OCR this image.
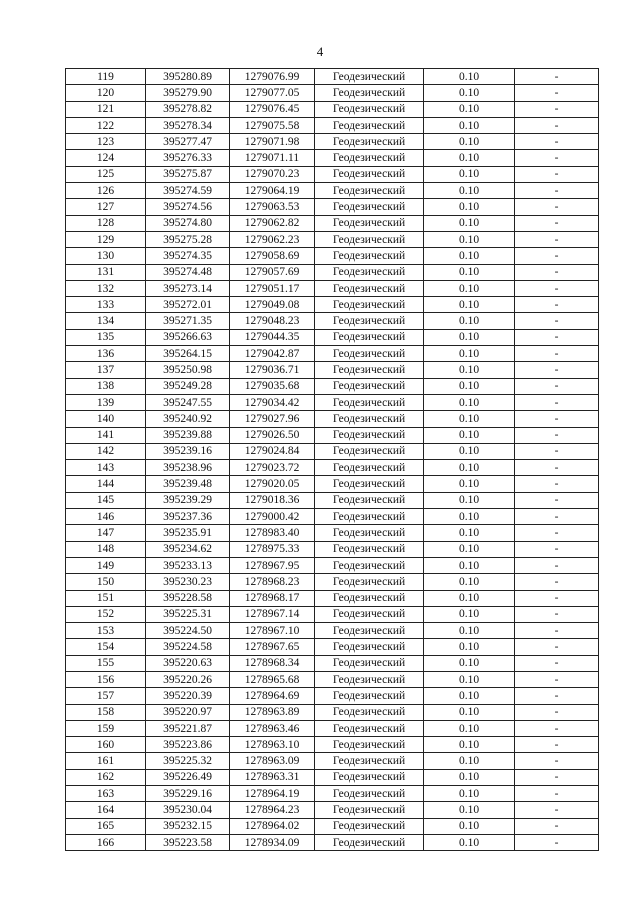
4
119	395280.89	1279076.99	Геодезический	0.10	-
120	395279.90	1279077.05	Геодезический	0.10	-
121	395278.82	1279076.45	Геодезический	0.10	-
122	395278.34	1279075.58	Геодезический	0.10	-
123	395277.47	1279071.98	Геодезический	0.10	-
124	395276.33	1279071.11	Геодезический	0.10	-
125	395275.87	1279070.23	Геодезический	0.10	-
126	395274.59	1279064.19	Геодезический	0.10	-
127	395274.56	1279063.53	Геодезический	0.10	-
128	395274.80	1279062.82	Геодезический	0.10	-
129	395275.28	1279062.23	Геодезический	0.10	-
130	395274.35	1279058.69	Геодезический	0.10	-
131	395274.48	1279057.69	Геодезический	0.10	-
132	395273.14	1279051.17	Геодезический	0.10	-
133	395272.01	1279049.08	Геодезический	0.10	-
134	395271.35	1279048.23	Геодезический	0.10	-
135	395266.63	1279044.35	Геодезический	0.10	-
136	395264.15	1279042.87	Геодезический	0.10	-
137	395250.98	1279036.71	Геодезический	0.10	-
138	395249.28	1279035.68	Геодезический	0.10	-
139	395247.55	1279034.42	Геодезический	0.10	-
140	395240.92	1279027.96	Геодезический	0.10	-
141	395239.88	1279026.50	Геодезический	0.10	-
142	395239.16	1279024.84	Геодезический	0.10	-
143	395238.96	1279023.72	Геодезический	0.10	-
144	395239.48	1279020.05	Геодезический	0.10	-
145	395239.29	1279018.36	Геодезический	0.10	-
146	395237.36	1279000.42	Геодезический	0.10	-
147	395235.91	1278983.40	Геодезический	0.10	-
148	395234.62	1278975.33	Геодезический	0.10	-
149	395233.13	1278967.95	Геодезический	0.10	-
150	395230.23	1278968.23	Геодезический	0.10	-
151	395228.58	1278968.17	Геодезический	0.10	-
152	395225.31	1278967.14	Геодезический	0.10	-
153	395224.50	1278967.10	Геодезический	0.10	-
154	395224.58	1278967.65	Геодезический	0.10	-
155	395220.63	1278968.34	Геодезический	0.10	-
156	395220.26	1278965.68	Геодезический	0.10	-
157	395220.39	1278964.69	Геодезический	0.10	-
158	395220.97	1278963.89	Геодезический	0.10	-
159	395221.87	1278963.46	Геодезический	0.10	-
160	395223.86	1278963.10	Геодезический	0.10	-
161	395225.32	1278963.09	Геодезический	0.10	-
162	395226.49	1278963.31	Геодезический	0.10	-
163	395229.16	1278964.19	Геодезический	0.10	-
164	395230.04	1278964.23	Геодезический	0.10	-
165	395232.15	1278964.02	Геодезический	0.10	-
166	395223.58	1278934.09	Геодезический	0.10	-
